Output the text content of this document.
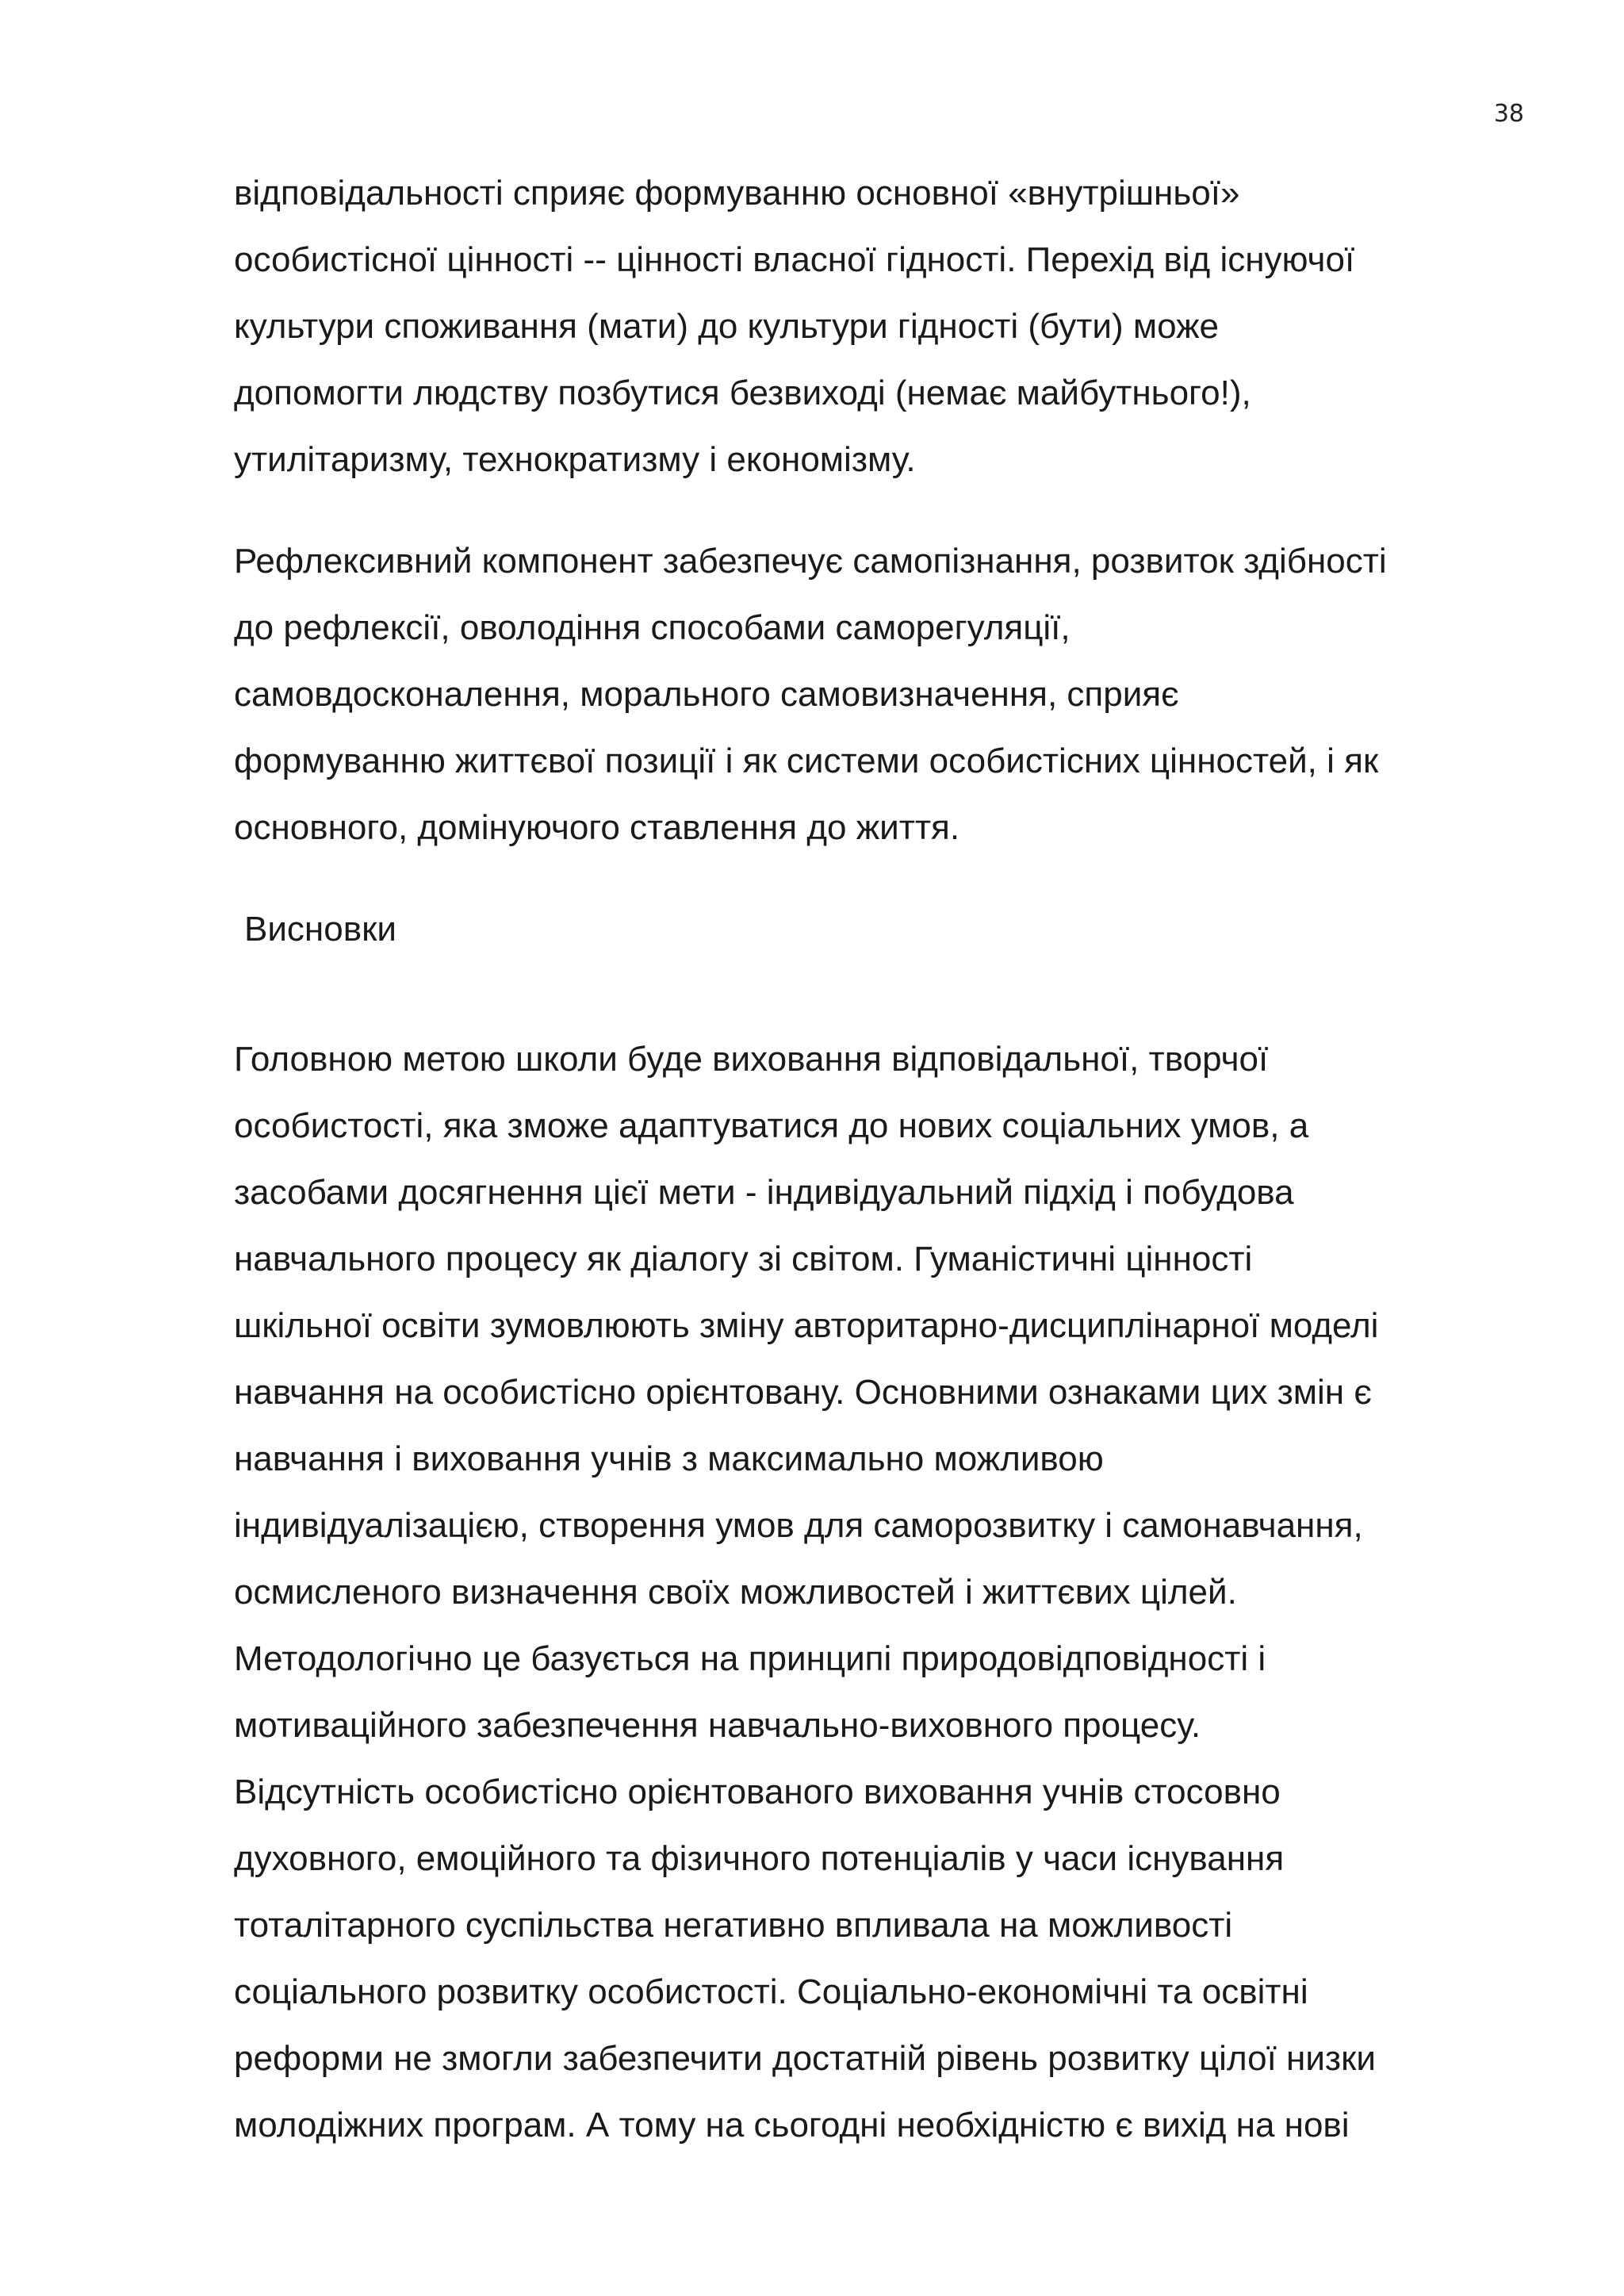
38
відповідальності сприяє формуванню основної «внутрішньої»
особистісної цінності -- цінності власної гідності. Перехід від існуючої
культури споживання (мати) до культури гідності (бути) може
допомогти людству позбутися безвиході (немає майбутнього!),
утилітаризму, технократизму і економізму.
Рефлексивний компонент забезпечує самопізнання, розвиток здібності
до рефлексії, оволодіння способами саморегуляції,
самовдосконалення, морального самовизначення, сприяє
формуванню життєвої позиції і як системи особистісних цінностей, і як
основного, домінуючого ставлення до життя.
Висновки
Головною метою школи буде виховання відповідальної, творчої
особистості, яка зможе адаптуватися до нових соціальних умов, а
засобами досягнення цієї мети - індивідуальний підхід і побудова
навчального процесу як діалогу зі світом. Гуманістичні цінності
шкільної освіти зумовлюють зміну авторитарно-дисциплінарної моделі
навчання на особистісно орієнтовану. Основними ознаками цих змін є
навчання і виховання учнів з максимально можливою
індивідуалізацією, створення умов для саморозвитку і самонавчання,
осмисленого визначення своїх можливостей і життєвих цілей.
Методологічно це базується на принципі природовідповідності і
мотиваційного забезпечення навчально-виховного процесу.
Відсутність особистісно орієнтованого виховання учнів стосовно
духовного, емоційного та фізичного потенціалів у часи існування
тоталітарного суспільства негативно впливала на можливості
соціального розвитку особистості. Соціально-економічні та освітні
реформи не змогли забезпечити достатній рівень розвитку цілої низки
молодіжних програм. А тому на сьогодні необхідністю є вихід на нові
